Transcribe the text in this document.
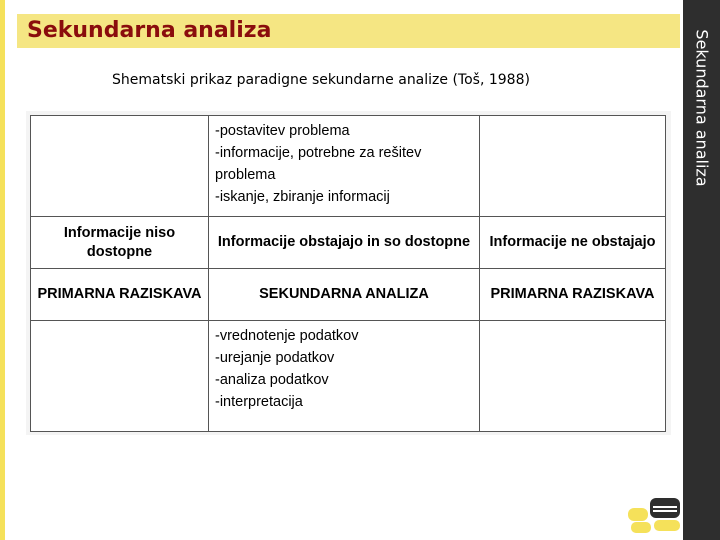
Sekundarna analiza
Sekundarna analiza
Shematski prikaz paradigne sekundarne analize (Toš, 1988)

	-postavitev problema
-informacije, potrebne za rešitev problema
-iskanje, zbiranje informacij	

Informacije niso dostopne	Informacije obstajajo in so dostopne	Informacije ne obstajajo
PRIMARNA RAZISKAVA	SEKUNDARNA ANALIZA	PRIMARNA RAZISKAVA

	-vrednotenje podatkov
-urejanje podatkov
-analiza podatkov
-interpretacija	
